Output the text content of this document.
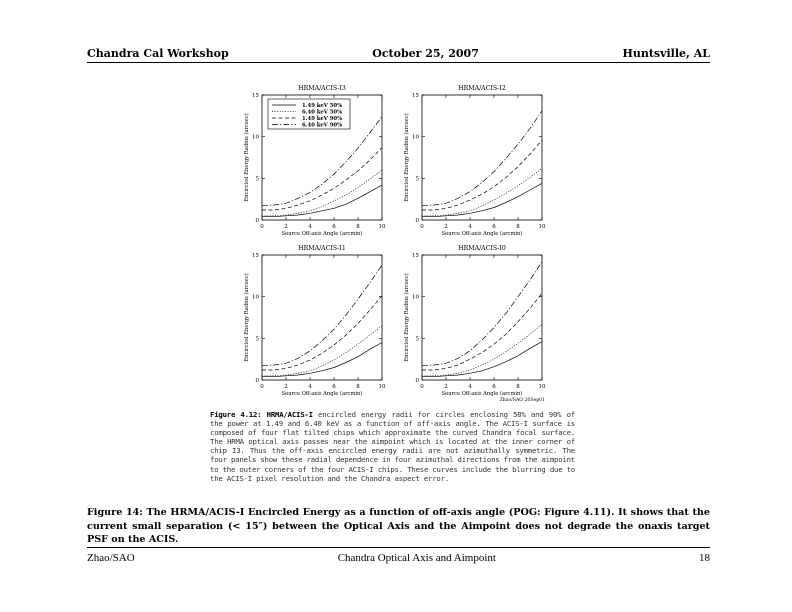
Chandra Cal Workshop	October 25, 2007	Huntsville, AL
HRMA/ACIS-I3
0	2	4	6	8	10
0
5
10
15
Source Off-axis Angle (arcmin)
Encircled Energy Radius (arcsec)
1.49 keV 50%
6.40 keV 50%
1.49 keV 90%
6.40 keV 90%
HRMA/ACIS-I2
0	2	4	6	8	10
0
5
10
15
Source Off-axis Angle (arcmin)
Encircled Energy Radius (arcsec)
HRMA/ACIS-I1
0	2	4	6	8	10
0
5
10
15
Source Off-axis Angle (arcmin)
Encircled Energy Radius (arcsec)
HRMA/ACIS-I0
0	2	4	6	8	10
0
5
10
15
Source Off-axis Angle (arcmin)
Encircled Energy Radius (arcsec)
Zhao/SAO 26Sep01
Figure 4.12: HRMA/ACIS-I encircled energy radii for circles enclosing 50% and 90% of the power at 1.49 and 6.40 keV as a function of off-axis angle. The ACIS-I surface is composed of four flat tilted chips which approximate the curved Chandra focal surface. The HRMA optical axis passes near the aimpoint which is located at the inner corner of chip I3. Thus the off-axis encircled energy radii are not azimuthally symmetric. The four panels show these radial dependence in four azimuthal directions from the aimpoint to the outer corners of the four ACIS-I chips. These curves include the blurring due to the ACIS-I pixel resolution and the Chandra aspect error.
Figure 14: The HRMA/ACIS-I Encircled Energy as a function of off-axis angle (POG: Figure 4.11). It shows that the current small separation (< 15″) between the Optical Axis and the Aimpoint does not degrade the onaxis target PSF on the ACIS.
Zhao/SAO	Chandra Optical Axis and Aimpoint	18
